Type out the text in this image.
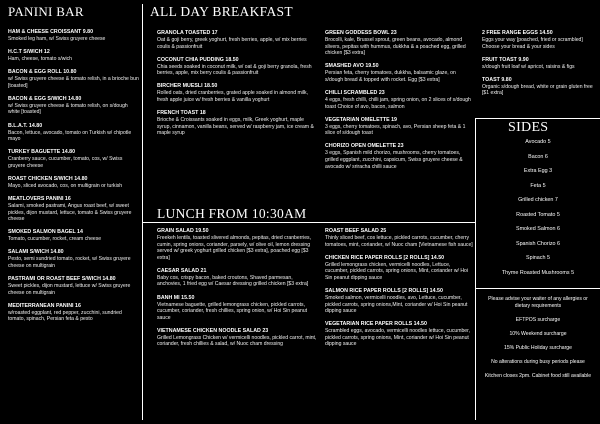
PANINI BAR
HAM & CHEESE CROISSANT 9.80
Smoked leg ham, w/ Swiss gruyere cheese
H.C.T S/WICH 12
Ham, cheese, tomato s/wich
BACON & EGG ROLL 10.80
w/ Swiss gruyere cheese & tomato relish, in a brioche bun [toasted]
BACON & EGG S/WICH 14.80
w/ Swiss gruyere cheese & tomato relish, on s/dough white [toasted]
B.L.A.T. 14.80
Bacon, lettuce, avocado, tomato on Turkish w/ chipotle mayo
TURKEY BAGUETTE 14.80
Cranberry sauce, cucumber, tomato, cos, w/ Swiss gruyere cheese
ROAST CHICKEN S/WICH 14.80
Mayo, sliced avocado, cos, on multigrain or turkish
MEATLOVERS PANINI 16
Salami, smoked pastrami, Angus roast beef, w/ sweet pickles, dijon mustard, lettuce, tomato & Swiss gruyere cheese
SMOKED SALMON BAGEL 14
Tomato, cucumber, rocket, cream cheese
SALAMI S/WICH 14.80
Pesto, semi sundried tomato, rocket, w/ Swiss gruyere cheese on multigrain
PASTRAMI OR ROAST BEEF S/WICH 14.80
Sweet pickles, dijon mustard, lettuce w/ Swiss gruyere cheese on multigrain
MEDITERRANEAN PANINI 16
w/roasted eggplant, red pepper, zucchini, sundried tomato, spinach, Persian feta & pesto
ALL DAY BREAKFAST
GRANOLA TOASTED 17
Oat & goji berry, greek yoghurt, fresh berries, apple, w/ mix berries coulis & passionfruit
COCONUT CHIA PUDDING 18.50
Chia seeds soaked in coconut milk, w/ oat & goji berry granola, fresh berries, apple, mix berry coulis & passionfruit
BIRCHER MUESLI 18.50
Rolled oats, dried cranberries, grated apple soaked in almond milk, fresh apple juice w/ fresh berries & vanilla yoghurt
FRENCH TOAST 18
Brioche & Croissants soaked in eggs, milk, Greek yoghurt, maple syrup, cinnamon, vanilla beans, served w/ raspberry jam, ice cream & maple syrup
GREEN GODDESS BOWL 23
Brocolli, kale, Brussel sprout, green beans, avocado, almond slivers, pepitas with hummus, dukkha & a poached egg, grilled chicken [$3 extra]
SMASHED AVO 19.50
Persian feta, cherry tomatoes, dukkha, balsamic glaze, on s/dough bread & topped with rocket. Egg [$3 extra]
CHILLI SCRAMBLED 23
4 eggs, fresh chilli, chilli jam, spring onion, on 2 slices of s/dough toast Choice of avo, bacon, salmon
VEGETARIAN OMELETTE 19
3 eggs, cherry tomatoes, spinach, avo, Persian sheep feta & 1 slice of s/dough toast
CHORIZO OPEN OMELETTE 23
3 eggs, Spanish mild chorizo, mushrooms, cherry tomatoes, grilled eggplant, zucchini, capsicum, Swiss gruyere cheese & avocado w/ sriracha chilli sauce
2 FREE RANGE EGGS 14.50
Eggs your way [poached, fried or scrambled] Choose your bread & your sides
FRUIT TOAST 9.90
s/dough fruit loaf w/ apricot, raisins & figs
TOAST 9.80
Organic s/dough bread, white or grain gluten free [$1 extra]
LUNCH FROM 10:30AM
GRAIN SALAD 19.50
Freekeh lentils, toasted slivered almonds, pepitas, dried cranberries, cumin, spring onions, coriander, parsely, w/ olive oil, lemon dressing served w/ greek yoghurt grilled chicken [$3 extra], poached egg [$3 extra]
CAESAR SALAD 21
Baby cos, crispy bacon, baked croutons, Shaved parmesan, anchovies, 1 fried egg w/ Caesar dressing grilled chicken [$3 extra]
BANH MI 15.50
Vietnamese baguette, grilled lemongrass chicken, pickled carrots, cucumber, coriander, fresh chillies, spring onion, w/ Hoi Sin peanut sauce
VIETNAMESE CHICKEN NOODLE SALAD 23
Grilled Lemongrass Chicken w/ vermicelli noodles, pickled carrot, mint, coriander, fresh chillies & salad, w/ Nuoc cham dressing
ROAST BEEF SALAD 25
Thinly sliced beef, cos lettuce, pickled carrots, cucumber, cherry tomatoes, mint, coriander, w/ Nuoc cham [Vietnamese fish sauce]
CHICKEN RICE PAPER ROLLS [2 ROLLS] 14.50
Grilled lemongrass chicken, vermicelli noodles, Lettuce, cucumber, pickled carrots, spring onions, Mint, coriander w/ Hoi Sin peanut dipping sauce
SALMON RICE PAPER ROLLS [2 ROLLS] 14.50
Smoked salmon, vermicelli noodles, avo, Lettuce, cucumber, pickled carrots, spring onions,Mint, coriander w/ Hoi Sin peanut dipping sauce
VEGETARIAN RICE PAPER ROLLS 14.50
Scrambled eggs, avocado, vermicelli noodles lettuce, cucumber, pickled carrots, spring onions, Mint, coriander w/ Hoi Sin peanut dipping sauce
SIDES
Avocado 5
Bacon 6
Extra Egg 3
Feta 5
Grilled chicken 7
Roasted Tomato 5
Smoked Salmon 6
Spanish Chorizo 6
Spinach 5
Thyme Roasted Mushrooms 5

Please advise your waiter of any allergies or dietary requirements

EFTPOS surcharge

10% Weekend surcharge

15% Public Holiday surcharge

No alterations during busy periods please

Kitchen closes 2pm. Cabinet food still available
